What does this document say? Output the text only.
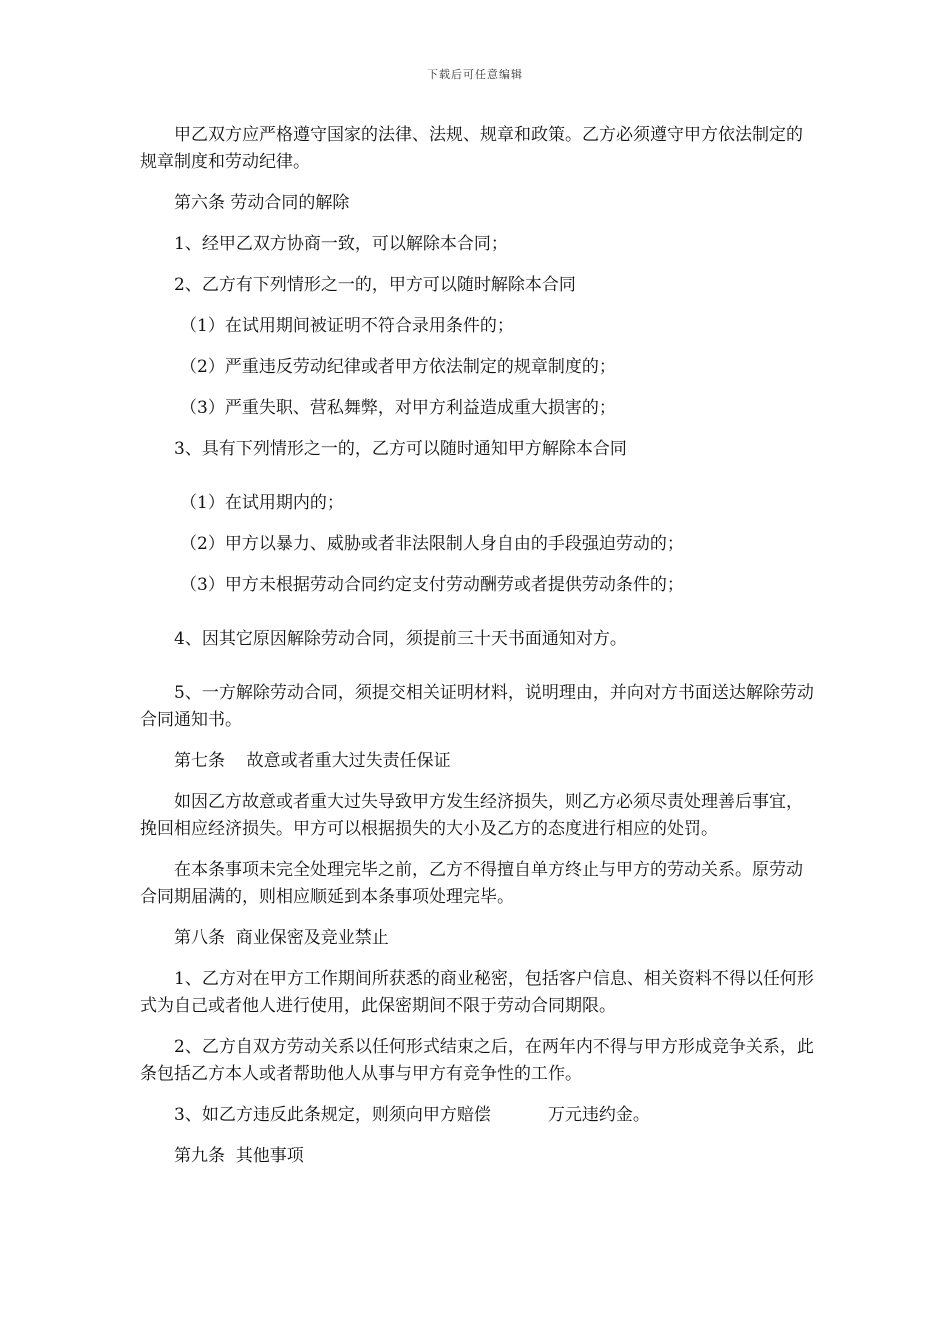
下载后可任意编辑

甲乙双方应严格遵守国家的法律、法规、规章和政策。乙方必须遵守甲方依法制定的规章制度和劳动纪律。

第六条 劳动合同的解除

1、经甲乙双方协商一致，可以解除本合同；

2、乙方有下列情形之一的，甲方可以随时解除本合同

（1）在试用期间被证明不符合录用条件的；

（2）严重违反劳动纪律或者甲方依法制定的规章制度的；

（3）严重失职、营私舞弊，对甲方利益造成重大损害的；

3、具有下列情形之一的，乙方可以随时通知甲方解除本合同

（1）在试用期内的；

（2）甲方以暴力、威胁或者非法限制人身自由的手段强迫劳动的；

（3）甲方未根据劳动合同约定支付劳动酬劳或者提供劳动条件的；

4、因其它原因解除劳动合同，须提前三十天书面通知对方。

5、一方解除劳动合同，须提交相关证明材料，说明理由，并向对方书面送达解除劳动合同通知书。

第七条    故意或者重大过失责任保证

如因乙方故意或者重大过失导致甲方发生经济损失，则乙方必须尽责处理善后事宜，挽回相应经济损失。甲方可以根据损失的大小及乙方的态度进行相应的处罚。

在本条事项未完全处理完毕之前，乙方不得擅自单方终止与甲方的劳动关系。原劳动合同期届满的，则相应顺延到本条事项处理完毕。

第八条  商业保密及竞业禁止

1、乙方对在甲方工作期间所获悉的商业秘密，包括客户信息、相关资料不得以任何形式为自己或者他人进行使用，此保密期间不限于劳动合同期限。

2、乙方自双方劳动关系以任何形式结束之后，在两年内不得与甲方形成竞争关系，此条包括乙方本人或者帮助他人从事与甲方有竞争性的工作。

3、如乙方违反此条规定，则须向甲方赔偿	万元违约金。

第九条  其他事项
